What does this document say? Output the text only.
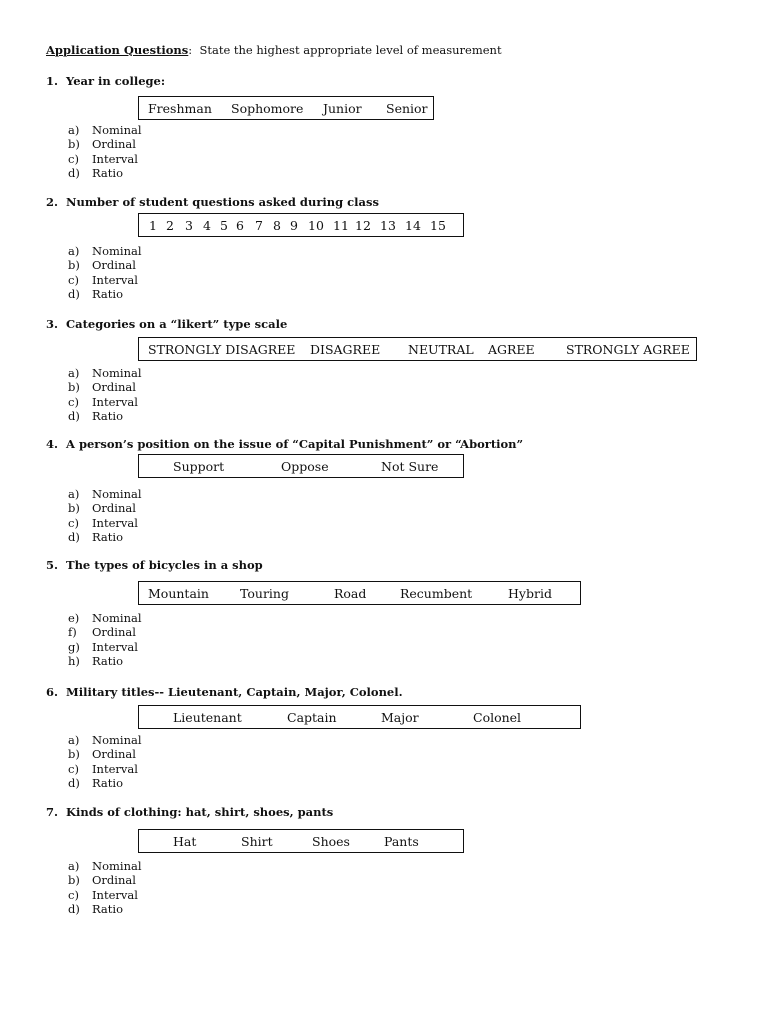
Application Questions: State the highest appropriate level of measurement
1. Year in college:
Freshman Sophomore Junior Senior
a) Nominal
b) Ordinal
c) Interval
d) Ratio
2. Number of student questions asked during class
1 2 3 4 5 6 7 8 9 10 11 12 13 14 15
a) Nominal
b) Ordinal
c) Interval
d) Ratio
3. Categories on a “likert” type scale
STRONGLY DISAGREE DISAGREE NEUTRAL AGREE	STRONGLY AGREE
a) Nominal
b) Ordinal
c) Interval
d) Ratio
4. A person’s position on the issue of “Capital Punishment” or “Abortion”
Support	Oppose	Not Sure
a) Nominal
b) Ordinal
c) Interval
d) Ratio
5. The types of bicycles in a shop
Mountain Touring	Road	Recumbent	Hybrid
e) Nominal
f) Ordinal
g) Interval
h) Ratio
6. Military titles-- Lieutenant, Captain, Major, Colonel.
Lieutenant	Captain	Major	Colonel
a) Nominal
b) Ordinal
c) Interval
d) Ratio
7. Kinds of clothing: hat, shirt, shoes, pants
Hat	Shirt	Shoes	Pants
a) Nominal
b) Ordinal
c) Interval
d) Ratio
